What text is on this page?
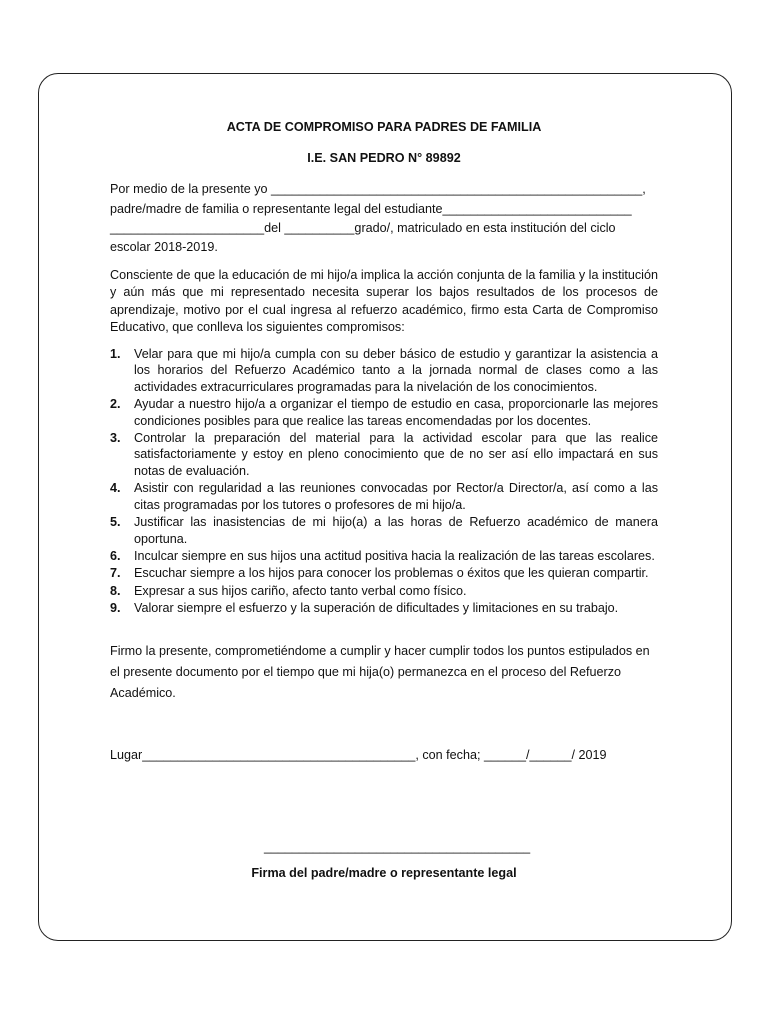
ACTA DE COMPROMISO PARA PADRES DE FAMILIA

I.E. SAN PEDRO N° 89892

Por medio de la presente yo _____________________________________________________,
padre/madre de familia o representante legal del estudiante___________________________
______________________del __________grado/, matriculado en esta institución del ciclo
escolar 2018-2019.

Consciente de que la educación de mi hijo/a implica la acción conjunta de la familia y la institución y aún más que mi representado necesita superar los bajos resultados de los procesos de aprendizaje, motivo por el cual ingresa al refuerzo académico, firmo esta Carta de Compromiso Educativo, que conlleva los siguientes compromisos:

1. Velar para que mi hijo/a cumpla con su deber básico de estudio y garantizar la asistencia a los horarios del Refuerzo Académico tanto a la jornada normal de clases como a las actividades extracurriculares programadas para la nivelación de los conocimientos.
2. Ayudar a nuestro hijo/a a organizar el tiempo de estudio en casa, proporcionarle las mejores condiciones posibles para que realice las tareas encomendadas por los docentes.
3. Controlar la preparación del material para la actividad escolar para que las realice satisfactoriamente y estoy en pleno conocimiento que de no ser así ello impactará en sus notas de evaluación.
4. Asistir con regularidad a las reuniones convocadas por Rector/a Director/a, así como a las citas programadas por los tutores o profesores de mi hijo/a.
5. Justificar las inasistencias de mi hijo(a) a las horas de Refuerzo académico de manera oportuna.
6. Inculcar siempre en sus hijos una actitud positiva hacia la realización de las tareas escolares.
7. Escuchar siempre a los hijos para conocer los problemas o éxitos que les quieran compartir.
8. Expresar a sus hijos cariño, afecto tanto verbal como físico.
9. Valorar siempre el esfuerzo y la superación de dificultades y limitaciones en su trabajo.

Firmo la presente, comprometiéndome a cumplir y hacer cumplir todos los puntos estipulados en el presente documento por el tiempo que mi hija(o) permanezca en el proceso del Refuerzo Académico.

Lugar_______________________________________, con fecha; ______/______/ 2019

______________________________________
Firma del padre/madre o representante legal
